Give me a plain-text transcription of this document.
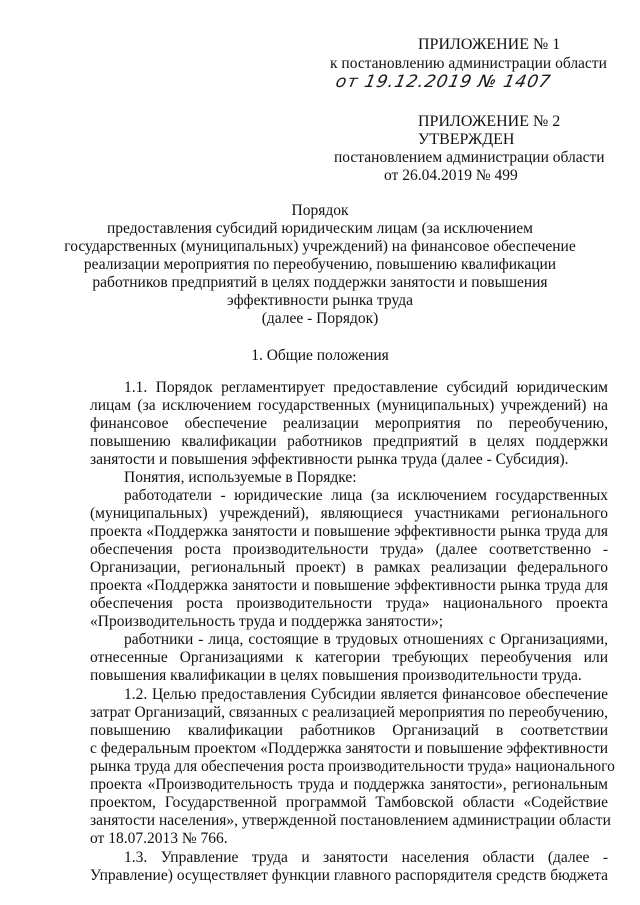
ПРИЛОЖЕНИЕ № 1
к постановлению администрации области
от 19.12.2019 № 1407
ПРИЛОЖЕНИЕ № 2
УТВЕРЖДЕН
постановлением администрации области
от 26.04.2019 № 499
Порядок
предоставления субсидий юридическим лицам (за исключением
государственных (муниципальных) учреждений) на финансовое обеспечение
реализации мероприятия по переобучению, повышению квалификации
работников предприятий в целях поддержки занятости и повышения
эффективности рынка труда
(далее - Порядок)
1. Общие положения
1.1. Порядок регламентирует предоставление субсидий юридическим
лицам (за исключением государственных (муниципальных) учреждений) на
финансовое обеспечение реализации мероприятия по переобучению,
повышению квалификации работников предприятий в целях поддержки
занятости и повышения эффективности рынка труда (далее - Субсидия).
Понятия, используемые в Порядке:
работодатели - юридические лица (за исключением государственных
(муниципальных) учреждений), являющиеся участниками регионального
проекта «Поддержка занятости и повышение эффективности рынка труда для
обеспечения роста производительности труда» (далее соответственно -
Организации, региональный проект) в рамках реализации федерального
проекта «Поддержка занятости и повышение эффективности рынка труда для
обеспечения роста производительности труда» национального проекта
«Производительность труда и поддержка занятости»;
работники - лица, состоящие в трудовых отношениях с Организациями,
отнесенные Организациями к категории требующих переобучения или
повышения квалификации в целях повышения производительности труда.
1.2. Целью предоставления Субсидии является финансовое обеспечение
затрат Организаций, связанных с реализацией мероприятия по переобучению,
повышению квалификации работников Организаций в соответствии
с федеральным проектом «Поддержка занятости и повышение эффективности
рынка труда для обеспечения роста производительности труда» национального
проекта «Производительность труда и поддержка занятости», региональным
проектом, Государственной программой Тамбовской области «Содействие
занятости населения», утвержденной постановлением администрации области
от 18.07.2013 № 766.
1.3. Управление труда и занятости населения области (далее -
Управление) осуществляет функции главного распорядителя средств бюджета
